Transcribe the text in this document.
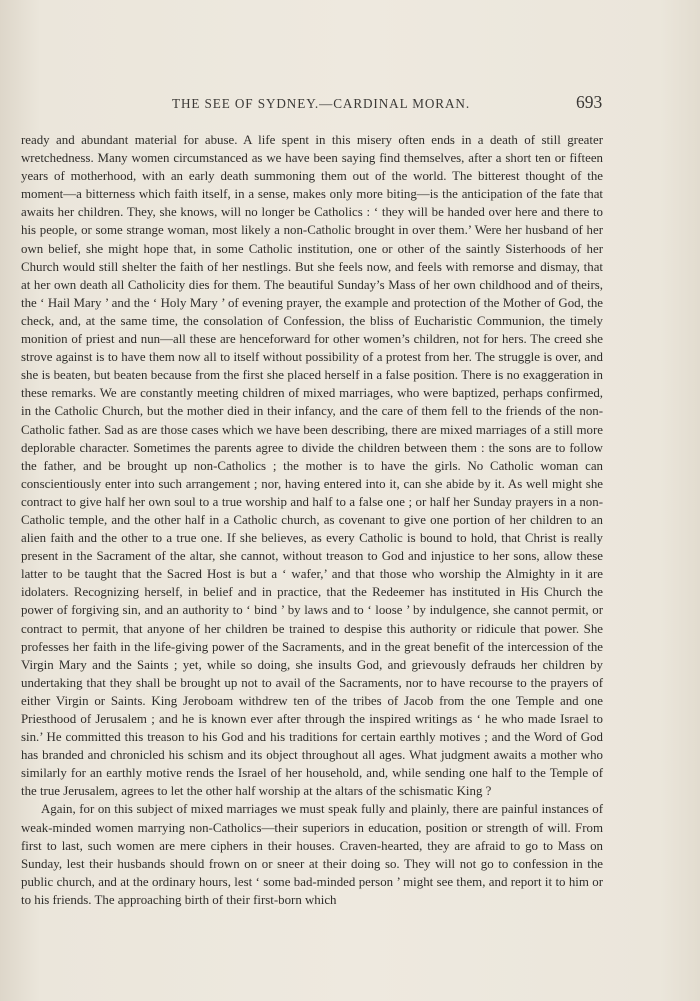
THE SEE OF SYDNEY.—CARDINAL MORAN.	693

ready and abundant material for abuse. A life spent in this misery often ends in a death of still greater wretchedness. Many women circumstanced as we have been saying find themselves, after a short ten or fifteen years of motherhood, with an early death summoning them out of the world. The bitterest thought of the moment—a bitterness which faith itself, in a sense, makes only more biting—is the anticipation of the fate that awaits her children. They, she knows, will no longer be Catholics : ‘ they will be handed over here and there to his people, or some strange woman, most likely a non-Catholic brought in over them.’ Were her husband of her own belief, she might hope that, in some Catholic institution, one or other of the saintly Sisterhoods of her Church would still shelter the faith of her nestlings. But she feels now, and feels with remorse and dismay, that at her own death all Catholicity dies for them. The beautiful Sunday’s Mass of her own childhood and of theirs, the ‘ Hail Mary ’ and the ‘ Holy Mary ’ of evening prayer, the example and protection of the Mother of God, the check, and, at the same time, the consolation of Confession, the bliss of Eucharistic Communion, the timely monition of priest and nun—all these are henceforward for other women’s children, not for hers. The creed she strove against is to have them now all to itself without possibility of a protest from her. The struggle is over, and she is beaten, but beaten because from the first she placed herself in a false position. There is no exaggeration in these remarks. We are constantly meeting children of mixed marriages, who were baptized, perhaps confirmed, in the Catholic Church, but the mother died in their infancy, and the care of them fell to the friends of the non-Catholic father. Sad as are those cases which we have been describing, there are mixed marriages of a still more deplorable character. Sometimes the parents agree to divide the children between them : the sons are to follow the father, and be brought up non-Catholics ; the mother is to have the girls. No Catholic woman can conscientiously enter into such arrangement ; nor, having entered into it, can she abide by it. As well might she contract to give half her own soul to a true worship and half to a false one ; or half her Sunday prayers in a non-Catholic temple, and the other half in a Catholic church, as covenant to give one portion of her children to an alien faith and the other to a true one. If she believes, as every Catholic is bound to hold, that Christ is really present in the Sacrament of the altar, she cannot, without treason to God and injustice to her sons, allow these latter to be taught that the Sacred Host is but a ‘ wafer,’ and that those who worship the Almighty in it are idolaters. Recognizing herself, in belief and in practice, that the Redeemer has instituted in His Church the power of forgiving sin, and an authority to ‘ bind ’ by laws and to ‘ loose ’ by indulgence, she cannot permit, or contract to permit, that anyone of her children be trained to despise this authority or ridicule that power. She professes her faith in the life-giving power of the Sacraments, and in the great benefit of the intercession of the Virgin Mary and the Saints ; yet, while so doing, she insults God, and grievously defrauds her children by undertaking that they shall be brought up not to avail of the Sacraments, nor to have recourse to the prayers of either Virgin or Saints. King Jeroboam withdrew ten of the tribes of Jacob from the one Temple and one Priesthood of Jerusalem ; and he is known ever after through the inspired writings as ‘ he who made Israel to sin.’ He committed this treason to his God and his traditions for certain earthly motives ; and the Word of God has branded and chronicled his schism and its object throughout all ages. What judgment awaits a mother who similarly for an earthly motive rends the Israel of her household, and, while sending one half to the Temple of the true Jerusalem, agrees to let the other half worship at the altars of the schismatic King ?

Again, for on this subject of mixed marriages we must speak fully and plainly, there are painful instances of weak-minded women marrying non-Catholics—their superiors in education, position or strength of will. From first to last, such women are mere ciphers in their houses. Craven-hearted, they are afraid to go to Mass on Sunday, lest their husbands should frown on or sneer at their doing so. They will not go to confession in the public church, and at the ordinary hours, lest ‘ some bad-minded person ’ might see them, and report it to him or to his friends. The approaching birth of their first-born which
